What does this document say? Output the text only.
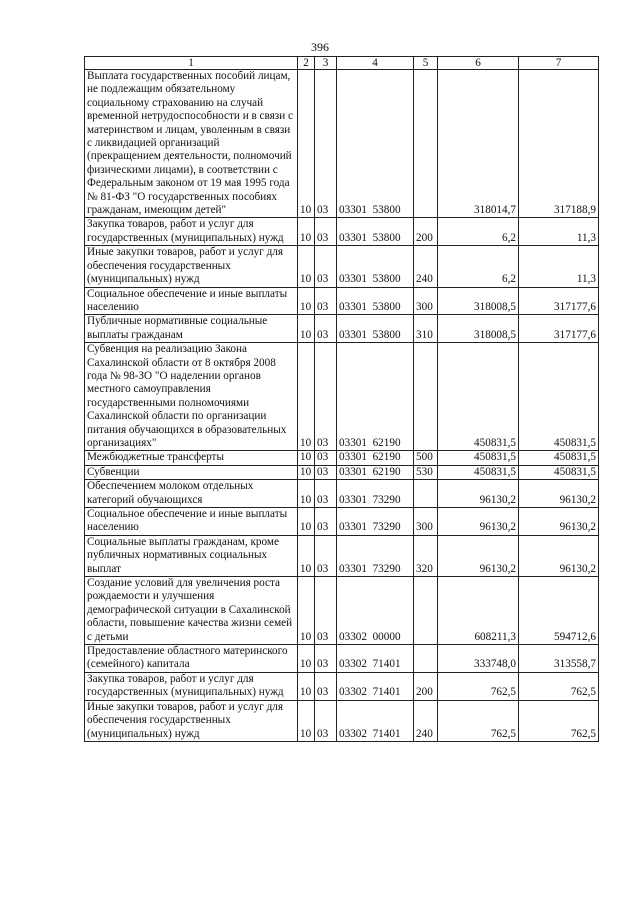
396
1	2	3	4	5	6	7
Выплата государственных пособий лицам, не подлежащим обязательному социальному страхованию на случай временной нетрудоспособности и в связи с материнством и лицам, уволенным в связи с ликвидацией организаций (прекращением деятельности, полномочий физическими лицами), в соответствии с Федеральным законом от 19 мая 1995 года № 81-ФЗ "О государственных пособиях гражданам, имеющим детей"	10	03	03301  53800		318014,7	317188,9
Закупка товаров, работ и услуг для государственных (муниципальных) нужд	10	03	03301  53800	200	6,2	11,3
Иные закупки товаров, работ и услуг для обеспечения государственных (муниципальных) нужд	10	03	03301  53800	240	6,2	11,3
Социальное обеспечение и иные выплаты населению	10	03	03301  53800	300	318008,5	317177,6
Публичные нормативные социальные выплаты гражданам	10	03	03301  53800	310	318008,5	317177,6
Субвенция на реализацию Закона Сахалинской области от 8 октября 2008 года № 98-ЗО "О наделении органов местного самоуправления государственными полномочиями Сахалинской области по организации питания обучающихся в образовательных организациях"	10	03	03301  62190		450831,5	450831,5
Межбюджетные трансферты	10	03	03301  62190	500	450831,5	450831,5
Субвенции	10	03	03301  62190	530	450831,5	450831,5
Обеспечением молоком отдельных категорий обучающихся	10	03	03301  73290		96130,2	96130,2
Социальное обеспечение и иные выплаты населению	10	03	03301  73290	300	96130,2	96130,2
Социальные выплаты гражданам, кроме публичных нормативных социальных выплат	10	03	03301  73290	320	96130,2	96130,2
Создание условий для увеличения роста рождаемости и улучшения демографической ситуации в Сахалинской области, повышение качества жизни семей с детьми	10	03	03302  00000		608211,3	594712,6
Предоставление областного материнского (семейного) капитала	10	03	03302  71401		333748,0	313558,7
Закупка товаров, работ и услуг для государственных (муниципальных) нужд	10	03	03302  71401	200	762,5	762,5
Иные закупки товаров, работ и услуг для обеспечения государственных (муниципальных) нужд	10	03	03302  71401	240	762,5	762,5
